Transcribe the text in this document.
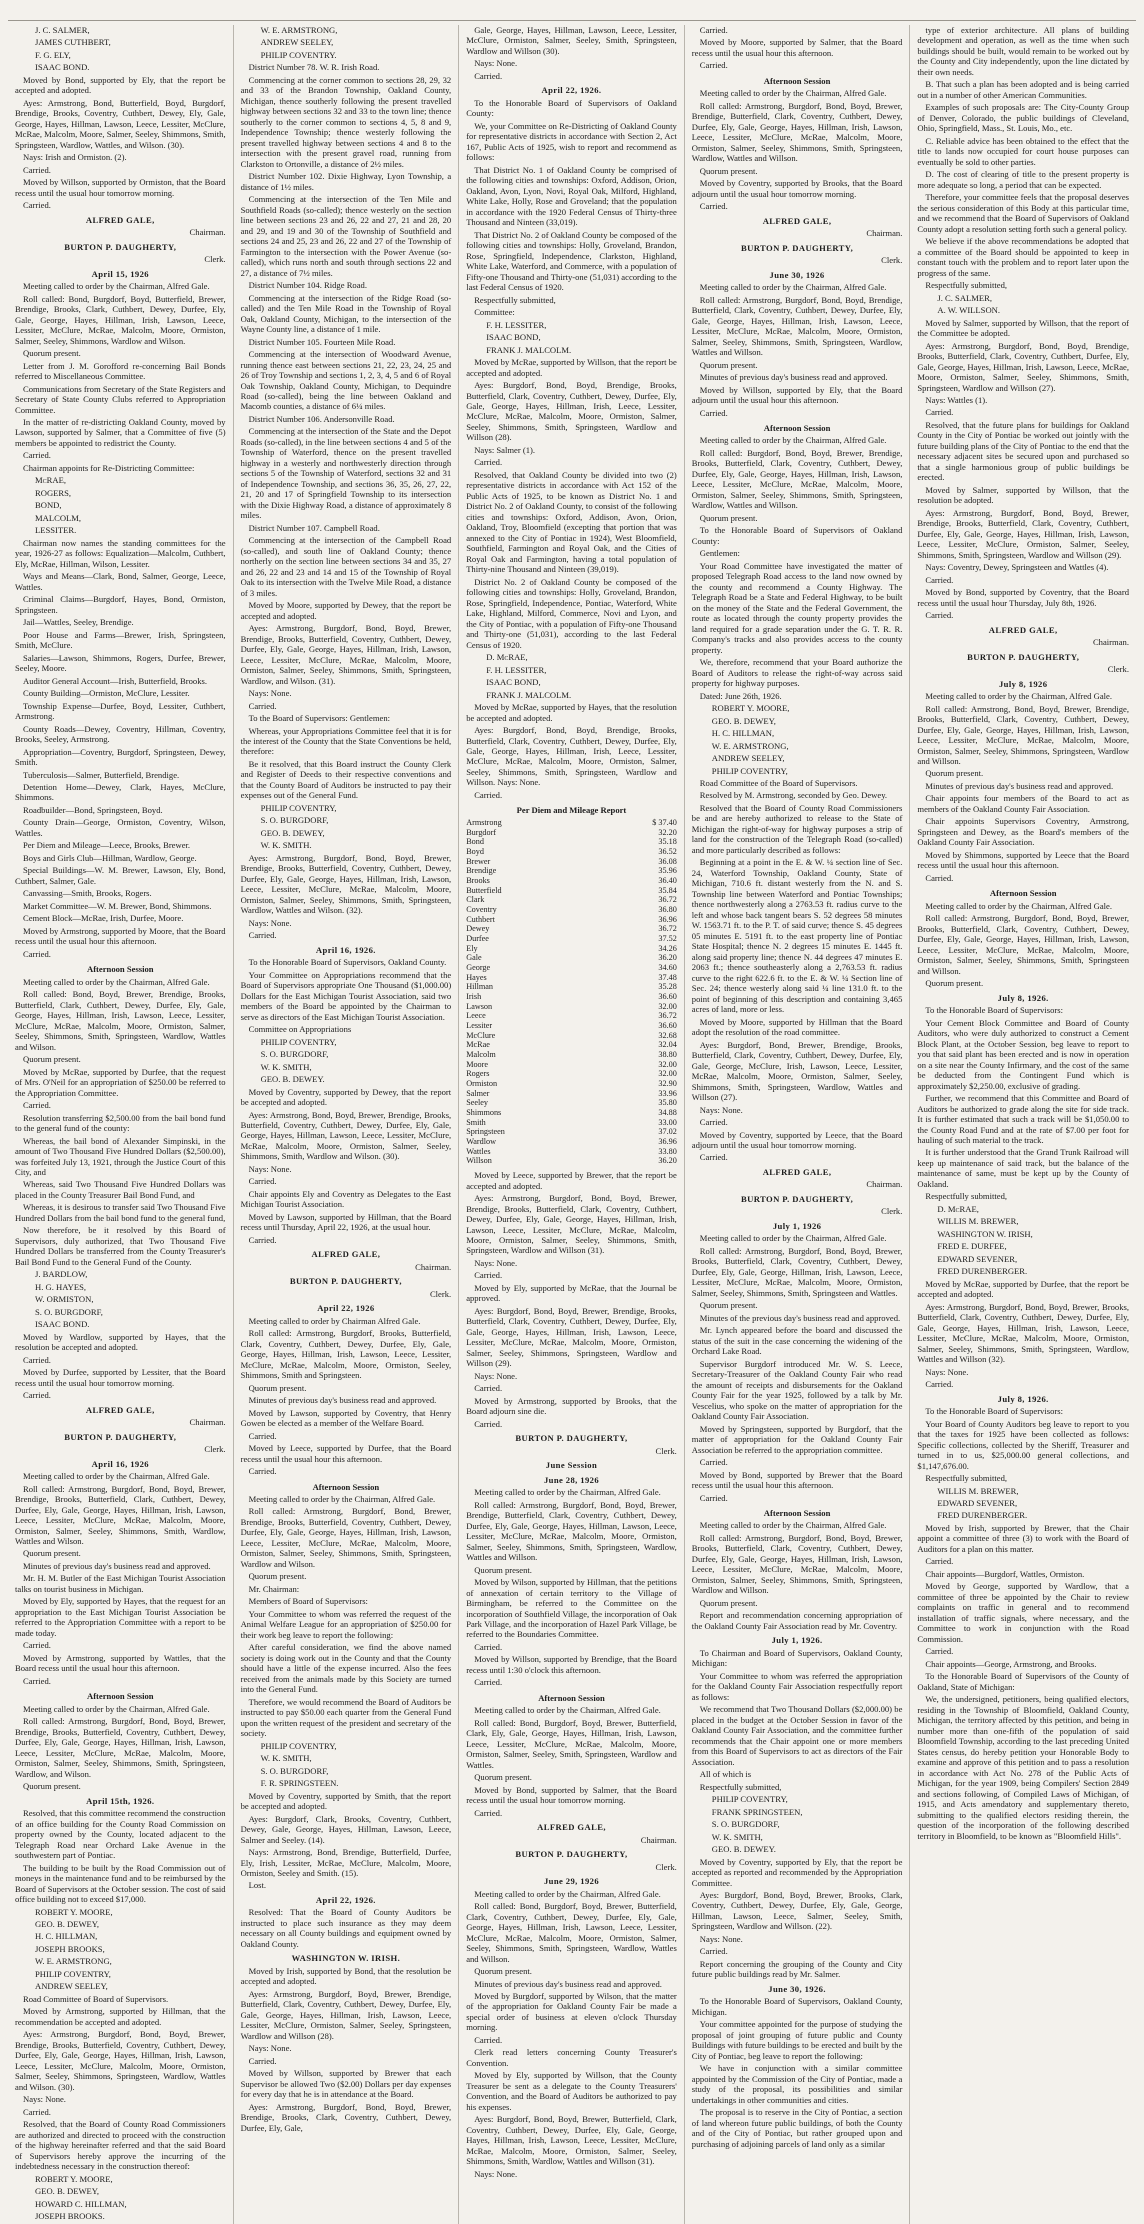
J. C. SALMER,

JAMES CUTHBERT,

F. G. ELY,

ISAAC BOND.

Moved by Bond, supported by Ely, that the report be accepted and adopted.

Ayes: Armstrong, Bond, Butterfield, Boyd, Burgdorf, Brendige, Brooks, Coventry, Cuthbert, Dewey, Ely, Gale, George, Hayes, Hillman, Lawson, Leece, Lessiter, McClure, McRae, Malcolm, Moore, Salmer, Seeley, Shimmons, Smith, Springsteen, Wardlow, Wattles, and Wilson. (30).

Nays: Irish and Ormiston. (2).

Carried.

Moved by Willson, supported by Ormiston, that the Board recess until the usual hour tomorrow morning.

Carried.

ALFRED GALE,

Chairman.

BURTON P. DAUGHERTY,

Clerk.

April 15, 1926

Meeting called to order by the Chairman, Alfred Gale.

Roll called: Bond, Burgdorf, Boyd, Butterfield, Brewer, Brendige, Brooks, Clark, Cuthbert, Dewey, Durfee, Ely, Gale, George, Hayes, Hillman, Irish, Lawson, Leece, Lessiter, McClure, McRae, Malcolm, Moore, Ormiston, Salmer, Seeley, Shimmons, Wardlow and Wilson.

Quorum present.

Letter from J. M. Gorofford re-concerning Bail Bonds referred to Miscellaneous Committee.

Communications from Secretary of the State Registers and Secretary of State County Clubs referred to Appropriation Committee.

In the matter of re-districting Oakland County, moved by Lawson, supported by Salmer, that a Committee of five (5) members be appointed to redistrict the County.

Carried.

Chairman appoints for Re-Districting Committee:

McRAE,

ROGERS,

BOND,

MALCOLM,

LESSITER.

Chairman now names the standing committees for the year, 1926-27 as follows: Equalization—Malcolm, Cuthbert, Ely, McRae, Hillman, Wilson, Lessiter.

Ways and Means—Clark, Bond, Salmer, George, Leece, Wattles.

Criminal Claims—Burgdorf, Hayes, Bond, Ormiston, Springsteen.

Jail—Wattles, Seeley, Brendige.

Poor House and Farms—Brewer, Irish, Springsteen, Smith, McClure.

Salaries—Lawson, Shimmons, Rogers, Durfee, Brewer, Seeley, Moore.

Auditor General Account—Irish, Butterfield, Brooks.

County Building—Ormiston, McClure, Lessiter.

Township Expense—Durfee, Boyd, Lessiter, Cuthbert, Armstrong.

County Roads—Dewey, Coventry, Hillman, Coventry, Brooks, Seeley, Armstrong.

Appropriation—Coventry, Burgdorf, Springsteen, Dewey, Smith.

Tuberculosis—Salmer, Butterfield, Brendige.

Detention Home—Dewey, Clark, Hayes, McClure, Shimmons.

Roadbuilder—Bond, Springsteen, Boyd.

County Drain—George, Ormiston, Coventry, Wilson, Wattles.

Per Diem and Mileage—Leece, Brooks, Brewer.

Boys and Girls Club—Hillman, Wardlow, George.

Special Buildings—W. M. Brewer, Lawson, Ely, Bond, Cuthbert, Salmer, Gale.

Canvassing—Smith, Brooks, Rogers.

Market Committee—W. M. Brewer, Bond, Shimmons.

Cement Block—McRae, Irish, Durfee, Moore.

Moved by Armstrong, supported by Moore, that the Board recess until the usual hour this afternoon.

Carried.

Afternoon Session

Meeting called to order by the Chairman, Alfred Gale.

Roll called: Bond, Boyd, Brewer, Brendige, Brooks, Butterfield, Clark, Cuthbert, Dewey, Durfee, Ely, Gale, George, Hayes, Hillman, Irish, Lawson, Leece, Lessiter, McClure, McRae, Malcolm, Moore, Ormiston, Salmer, Seeley, Shimmons, Smith, Springsteen, Wardlow, Wattles and Wilson.

Quorum present.

Moved by McRae, supported by Durfee, that the request of Mrs. O'Neil for an appropriation of $250.00 be referred to the Appropriation Committee.

Carried.

Resolution transferring $2,500.00 from the bail bond fund to the general fund of the county:

Whereas, the bail bond of Alexander Simpinski, in the amount of Two Thousand Five Hundred Dollars ($2,500.00), was forfeited July 13, 1921, through the Justice Court of this City, and

Whereas, said Two Thousand Five Hundred Dollars was placed in the County Treasurer Bail Bond Fund, and

Whereas, it is desirous to transfer said Two Thousand Five Hundred Dollars from the bail bond fund to the general fund,

Now therefore, be it resolved by this Board of Supervisors, duly authorized, that Two Thousand Five Hundred Dollars be transferred from the County Treasurer's Bail Bond Fund to the General Fund of the County.

J. BARDLOW,

H. G. HAYES,

W. ORMISTON,

S. O. BURGDORF,

ISAAC BOND.

Moved by Wardlow, supported by Hayes, that the resolution be accepted and adopted.

Carried.

Moved by Durfee, supported by Lessiter, that the Board recess until the usual hour tomorrow morning.

Carried.

ALFRED GALE,

Chairman.

BURTON P. DAUGHERTY,

Clerk.

April 16, 1926

Meeting called to order by the Chairman, Alfred Gale.

Roll called: Armstrong, Burgdorf, Bond, Boyd, Brewer, Brendige, Brooks, Butterfield, Clark, Cuthbert, Dewey, Durfee, Ely, Gale, George, Hayes, Hillman, Irish, Lawson, Leece, Lessiter, McClure, McRae, Malcolm, Moore, Ormiston, Salmer, Seeley, Shimmons, Smith, Wardlow, Wattles and Wilson.

Quorum present.

Minutes of previous day's business read and approved.

Mr. H. M. Butler of the East Michigan Tourist Association talks on tourist business in Michigan.

Moved by Ely, supported by Hayes, that the request for an appropriation to the East Michigan Tourist Association be referred to the Appropriation Committee with a report to be made today.

Carried.

Moved by Armstrong, supported by Wattles, that the Board recess until the usual hour this afternoon.

Carried.

Afternoon Session

Meeting called to order by the Chairman, Alfred Gale.

Roll called: Armstrong, Burgdorf, Bond, Boyd, Brewer, Brendige, Brooks, Butterfield, Coventry, Cuthbert, Dewey, Durfee, Ely, Gale, George, Hayes, Hillman, Irish, Lawson, Leece, Lessiter, McClure, McRae, Malcolm, Moore, Ormiston, Salmer, Seeley, Shimmons, Smith, Springsteen, Wardlow, and Wilson.

Quorum present.

April 15th, 1926.

Resolved, that this committee recommend the construction of an office building for the County Road Commission on property owned by the County, located adjacent to the Telegraph Road near Orchard Lake Avenue in the southwestern part of Pontiac.

The building to be built by the Road Commission out of moneys in the maintenance fund and to be reimbursed by the Board of Supervisors at the October session. The cost of said office building not to exceed $17,000.

ROBERT Y. MOORE,

GEO. B. DEWEY,

H. C. HILLMAN,

JOSEPH BROOKS,

W. E. ARMSTRONG,

PHILIP COVENTRY,

ANDREW SEELEY,

Road Committee of Board of Supervisors.

Moved by Armstrong, supported by Hillman, that the recommendation be accepted and adopted.

Ayes: Armstrong, Burgdorf, Bond, Boyd, Brewer, Brendige, Brooks, Butterfield, Coventry, Cuthbert, Dewey, Durfee, Ely, Gale, George, Hayes, Hillman, Irish, Lawson, Leece, Lessiter, McClure, Malcolm, Moore, Ormiston, Salmer, Seeley, Shimmons, Springsteen, Wardlow, Wattles and Wilson. (30).

Nays: None.

Carried.

Resolved, that the Board of County Road Commissioners are authorized and directed to proceed with the construction of the highway hereinafter referred and that the said Board of Supervisors hereby approve the incurring of the indebtedness necessary in the construction thereof:

ROBERT Y. MOORE,

GEO. B. DEWEY,

HOWARD C. HILLMAN,

JOSEPH BROOKS.

W. E. ARMSTRONG,

ANDREW SEELEY,

PHILIP COVENTRY.

District Number 78. W. R. Irish Road.

Commencing at the corner common to sections 28, 29, 32 and 33 of the Brandon Township, Oakland County, Michigan, thence southerly following the present travelled highway between sections 32 and 33 to the town line; thence southerly to the corner common to sections 4, 5, 8 and 9, Independence Township; thence westerly following the present travelled highway between sections 4 and 8 to the intersection with the present gravel road, running from Clarkston to Ortonville, a distance of 2½ miles.

District Number 102. Dixie Highway, Lyon Township, a distance of 1½ miles.

Commencing at the intersection of the Ten Mile and Southfield Roads (so-called); thence westerly on the section line between sections 23 and 26, 22 and 27, 21 and 28, 20 and 29, and 19 and 30 of the Township of Southfield and sections 24 and 25, 23 and 26, 22 and 27 of the Township of Farmington to the intersection with the Power Avenue (so-called), which runs north and south through sections 22 and 27, a distance of 7½ miles.

District Number 104. Ridge Road.

Commencing at the intersection of the Ridge Road (so-called) and the Ten Mile Road in the Township of Royal Oak, Oakland County, Michigan, to the intersection of the Wayne County line, a distance of 1 mile.

District Number 105. Fourteen Mile Road.

Commencing at the intersection of Woodward Avenue, running thence east between sections 21, 22, 23, 24, 25 and 26 of Troy Township and sections 1, 2, 3, 4, 5 and 6 of Royal Oak Township, Oakland County, Michigan, to Dequindre Road (so-called), being the line between Oakland and Macomb counties, a distance of 6¼ miles.

District Number 106. Andersonville Road.

Commencing at the intersection of the State and the Depot Roads (so-called), in the line between sections 4 and 5 of the Township of Waterford, thence on the present travelled highway in a westerly and northwesterly direction through sections 5 of the Township of Waterford, sections 32 and 31 of Independence Township, and sections 36, 35, 26, 27, 22, 21, 20 and 17 of Springfield Township to its intersection with the Dixie Highway Road, a distance of approximately 8 miles.

District Number 107. Campbell Road.

Commencing at the intersection of the Campbell Road (so-called), and south line of Oakland County; thence northerly on the section line between sections 34 and 35, 27 and 26, 22 and 23 and 14 and 15 of the Township of Royal Oak to its intersection with the Twelve Mile Road, a distance of 3 miles.

Moved by Moore, supported by Dewey, that the report be accepted and adopted.

Ayes: Armstrong, Burgdorf, Bond, Boyd, Brewer, Brendige, Brooks, Butterfield, Coventry, Cuthbert, Dewey, Durfee, Ely, Gale, George, Hayes, Hillman, Irish, Lawson, Leece, Lessiter, McClure, McRae, Malcolm, Moore, Ormiston, Salmer, Seeley, Shimmons, Smith, Springsteen, Wardlow, and Wilson. (31).

Nays: None.

Carried.

To the Board of Supervisors: Gentlemen:

Whereas, your Appropriations Committee feel that it is for the interest of the County that the State Conventions be held, therefore:

Be it resolved, that this Board instruct the County Clerk and Register of Deeds to their respective conventions and that the County Board of Auditors be instructed to pay their expenses out of the General Fund.

PHILIP COVENTRY,

S. O. BURGDORF,

GEO. B. DEWEY,

W. K. SMITH.

Ayes: Armstrong, Burgdorf, Bond, Boyd, Brewer, Brendige, Brooks, Butterfield, Coventry, Cuthbert, Dewey, Durfee, Ely, Gale, George, Hayes, Hillman, Irish, Lawson, Leece, Lessiter, McClure, McRae, Malcolm, Moore, Ormiston, Salmer, Seeley, Shimmons, Smith, Springsteen, Wardlow, Wattles and Wilson. (32).

Nays: None.

Carried.

April 16, 1926.

To the Honorable Board of Supervisors, Oakland County.

Your Committee on Appropriations recommend that the Board of Supervisors appropriate One Thousand ($1,000.00) Dollars for the East Michigan Tourist Association, said two members of the Board be appointed by the Chairman to serve as directors of the East Michigan Tourist Association.

Committee on Appropriations

PHILIP COVENTRY,

S. O. BURGDORF,

W. K. SMITH,

GEO. B. DEWEY.

Moved by Coventry, supported by Dewey, that the report be accepted and adopted.

Ayes: Armstrong, Bond, Boyd, Brewer, Brendige, Brooks, Butterfield, Coventry, Cuthbert, Dewey, Durfee, Ely, Gale, George, Hayes, Hillman, Lawson, Leece, Lessiter, McClure, McRae, Malcolm, Moore, Ormiston, Salmer, Seeley, Shimmons, Smith, Wardlow and Wilson. (30).

Nays: None.

Carried.

Chair appoints Ely and Coventry as Delegates to the East Michigan Tourist Association.

Moved by Lawson, supported by Hillman, that the Board recess until Thursday, April 22, 1926, at the usual hour.

Carried.

ALFRED GALE,

Chairman.

BURTON P. DAUGHERTY,

Clerk.

April 22, 1926

Meeting called to order by Chairman Alfred Gale.

Roll called: Armstrong, Burgdorf, Brooks, Butterfield, Clark, Coventry, Cuthbert, Dewey, Durfee, Ely, Gale, George, Hayes, Hillman, Irish, Lawson, Leece, Lessiter, McClure, McRae, Malcolm, Moore, Ormiston, Seeley, Shimmons, Smith and Springsteen.

Quorum present.

Minutes of previous day's business read and approved.

Moved by Lawson, supported by Coventry, that Henry Gowen be elected as a member of the Welfare Board.

Carried.

Moved by Leece, supported by Durfee, that the Board recess until the usual hour this afternoon.

Carried.

Afternoon Session

Meeting called to order by the Chairman, Alfred Gale.

Roll called: Armstrong, Burgdorf, Bond, Brewer, Brendige, Brooks, Butterfield, Coventry, Cuthbert, Dewey, Durfee, Ely, Gale, George, Hayes, Hillman, Irish, Lawson, Leece, Lessiter, McClure, McRae, Malcolm, Moore, Ormiston, Salmer, Seeley, Shimmons, Smith, Springsteen, Wardlow and Wilson.

Quorum present.

Mr. Chairman:

Members of Board of Supervisors:

Your Committee to whom was referred the request of the Animal Welfare League for an appropriation of $250.00 for their work beg leave to report the following:

After careful consideration, we find the above named society is doing work out in the County and that the County should have a little of the expense incurred. Also the fees received from the animals made by this Society are turned into the General Fund.

Therefore, we would recommend the Board of Auditors be instructed to pay $50.00 each quarter from the General Fund upon the written request of the president and secretary of the society.

PHILIP COVENTRY,

W. K. SMITH,

S. O. BURGDORF,

F. R. SPRINGSTEEN.

Moved by Coventry, supported by Smith, that the report be accepted and adopted.

Ayes: Burgdorf, Clark, Brooks, Coventry, Cuthbert, Dewey, Gale, George, Hayes, Hillman, Lawson, Leece, Salmer and Seeley. (14).

Nays: Armstrong, Bond, Brendige, Butterfield, Durfee, Ely, Irish, Lessiter, McRae, McClure, Malcolm, Moore, Ormiston, Seeley and Smith. (15).

Lost.

April 22, 1926.

Resolved: That the Board of County Auditors be instructed to place such insurance as they may deem necessary on all County buildings and equipment owned by Oakland County.

WASHINGTON W. IRISH.

Moved by Irish, supported by Bond, that the resolution be accepted and adopted.

Ayes: Armstrong, Burgdorf, Boyd, Brewer, Brendige, Butterfield, Clark, Coventry, Cuthbert, Dewey, Durfee, Ely, Gale, George, Hayes, Hillman, Irish, Lawson, Leece, Lessiter, McClure, Ormiston, Salmer, Seeley, Springsteen, Wardlow and Willson (28).

Nays: None.

Carried.

Moved by Willson, supported by Brewer that each Supervisor be allowed Two ($2.00) Dollars per day expenses for every day that he is in attendance at the Board.

Ayes: Armstrong, Burgdorf, Bond, Boyd, Brewer, Brendige, Brooks, Clark, Coventry, Cuthbert, Dewey, Durfee, Ely, Gale,

Gale, George, Hayes, Hillman, Lawson, Leece, Lessiter, McClure, Ormiston, Salmer, Seeley, Smith, Springsteen, Wardlow and Willson (30).

Nays: None.

Carried.

April 22, 1926.

To the Honorable Board of Supervisors of Oakland County:

We, your Committee on Re-Districting of Oakland County for representative districts in accordance with Section 2, Act 167, Public Acts of 1925, wish to report and recommend as follows:

That District No. 1 of Oakland County be comprised of the following cities and townships: Oxford, Addison, Orion, Oakland, Avon, Lyon, Novi, Royal Oak, Milford, Highland, White Lake, Holly, Rose and Groveland; that the population in accordance with the 1920 Federal Census of Thirty-three Thousand and Ninteen (33,019).

That District No. 2 of Oakland County be composed of the following cities and townships: Holly, Groveland, Brandon, Rose, Springfield, Independence, Clarkston, Highland, White Lake, Waterford, and Commerce, with a population of Fifty-one Thousand and Thirty-one (51,031) according to the last Federal Census of 1920.

Respectfully submitted,

Committee:

F. H. LESSITER,

ISAAC BOND,

FRANK J. MALCOLM.

Moved by McRae, supported by Willson, that the report be accepted and adopted.

Ayes: Burgdorf, Bond, Boyd, Brendige, Brooks, Butterfield, Clark, Coventry, Cuthbert, Dewey, Durfee, Ely, Gale, George, Hayes, Hillman, Irish, Leece, Lessiter, McClure, McRae, Malcolm, Moore, Ormiston, Salmer, Seeley, Shimmons, Smith, Springsteen, Wardlow and Willson (28).

Nays: Salmer (1).

Carried.

Resolved, that Oakland County be divided into two (2) representative districts in accordance with Act 152 of the Public Acts of 1925, to be known as District No. 1 and District No. 2 of Oakland County, to consist of the following cities and townships: Oxford, Addison, Avon, Orion, Oakland, Troy, Bloomfield (excepting that portion that was annexed to the City of Pontiac in 1924), West Bloomfield, Southfield, Farmington and Royal Oak, and the Cities of Royal Oak and Farmington, having a total population of Thirty-nine Thousand and Ninteen (39,019).

District No. 2 of Oakland County be composed of the following cities and townships: Holly, Groveland, Brandon, Rose, Springfield, Independence, Pontiac, Waterford, White Lake, Highland, Milford, Commerce, Novi and Lyon, and the City of Pontiac, with a population of Fifty-one Thousand and Thirty-one (51,031), according to the last Federal Census of 1920.

D. McRAE,

F. H. LESSITER,

ISAAC BOND,

FRANK J. MALCOLM.

Moved by McRae, supported by Hayes, that the resolution be accepted and adopted.

Ayes: Burgdorf, Bond, Boyd, Brendige, Brooks, Butterfield, Clark, Coventry, Cuthbert, Dewey, Durfee, Ely, Gale, George, Hayes, Hillman, Irish, Leece, Lessiter, McClure, McRae, Malcolm, Moore, Ormiston, Salmer, Seeley, Shimmons, Smith, Springsteen, Wardlow and Willson. Nays: None.

Carried.

Per Diem and Mileage Report

Armstrong	$ 37.40
Burgdorf	32.20
Bond	35.18
Boyd	36.52
Brewer	36.08
Brendige	35.96
Brooks	36.40
Butterfield	35.84
Clark	36.72
Coventry	36.80
Cuthbert	36.96
Dewey	36.72
Durfee	37.52
Ely	34.26
Gale	36.20
George	34.60
Hayes	37.48
Hillman	35.28
Irish	36.60
Lawson	32.00
Leece	36.72
Lessiter	36.60
McClure	32.68
McRae	32.04
Malcolm	38.80
Moore	32.00
Rogers	32.00
Ormiston	32.90
Salmer	33.96
Seeley	35.80
Shimmons	34.88
Smith	33.00
Springsteen	37.02
Wardlow	36.96
Wattles	33.80
Willson	36.20

Moved by Leece, supported by Brewer, that the report be accepted and adopted.

Ayes: Armstrong, Burgdorf, Bond, Boyd, Brewer, Brendige, Brooks, Butterfield, Clark, Coventry, Cuthbert, Dewey, Durfee, Ely, Gale, George, Hayes, Hillman, Irish, Lawson, Leece, Lessiter, McClure, McRae, Malcolm, Moore, Ormiston, Salmer, Seeley, Shimmons, Smith, Springsteen, Wardlow and Willson (31).

Nays: None.

Carried.

Moved by Ely, supported by McRae, that the Journal be approved.

Ayes: Burgdorf, Bond, Boyd, Brewer, Brendige, Brooks, Butterfield, Clark, Coventry, Cuthbert, Dewey, Durfee, Ely, Gale, George, Hayes, Hillman, Irish, Lawson, Leece, Lessiter, McClure, McRae, Malcolm, Moore, Ormiston, Salmer, Seeley, Shimmons, Springsteen, Wardlow and Willson (29).

Nays: None.

Carried.

Moved by Armstrong, supported by Brooks, that the Board adjourn sine die.

Carried.

BURTON P. DAUGHERTY,

Clerk.

June Session

June 28, 1926

Meeting called to order by the Chairman, Alfred Gale.

Roll called: Armstrong, Burgdorf, Bond, Boyd, Brewer, Brendige, Butterfield, Clark, Coventry, Cuthbert, Dewey, Durfee, Ely, Gale, George, Hayes, Hillman, Lawson, Leece, Lessiter, McClure, McRae, Malcolm, Moore, Ormiston, Salmer, Seeley, Shimmons, Smith, Springsteen, Wardlow, Wattles and Willson.

Quorum present.

Moved by Wilson, supported by Hillman, that the petitions of annexation of certain territory to the Village of Birmingham, be referred to the Committee on the incorporation of Southfield Village, the incorporation of Oak Park Village, and the incorporation of Hazel Park Village, be referred to the Boundaries Committee.

Carried.

Moved by Willson, supported by Brendige, that the Board recess until 1:30 o'clock this afternoon.

Carried.

Afternoon Session

Meeting called to order by the Chairman, Alfred Gale.

Roll called: Bond, Burgdorf, Boyd, Brewer, Butterfield, Clark, Ely, Gale, George, Hayes, Hillman, Irish, Lawson, Leece, Lessiter, McClure, McRae, Malcolm, Moore, Ormiston, Salmer, Seeley, Smith, Springsteen, Wardlow and Wattles.

Quorum present.

Moved by Bond, supported by Salmer, that the Board recess until the usual hour tomorrow morning.

Carried.

ALFRED GALE,

Chairman.

BURTON P. DAUGHERTY,

Clerk.

June 29, 1926

Meeting called to order by the Chairman, Alfred Gale.

Roll called: Bond, Burgdorf, Boyd, Brewer, Butterfield, Clark, Coventry, Cuthbert, Dewey, Durfee, Ely, Gale, George, Hayes, Hillman, Irish, Lawson, Leece, Lessiter, McClure, McRae, Malcolm, Moore, Ormiston, Salmer, Seeley, Shimmons, Smith, Springsteen, Wardlow, Wattles and Willson.

Quorum present.

Minutes of previous day's business read and approved.

Moved by Burgdorf, supported by Wilson, that the matter of the appropriation for Oakland County Fair be made a special order of business at eleven o'clock Thursday morning.

Carried.

Clerk read letters concerning County Treasurer's Convention.

Moved by Ely, supported by Willson, that the County Treasurer be sent as a delegate to the County Treasurers' Convention, and the Board of Auditors be authorized to pay his expenses.

Ayes: Burgdorf, Bond, Boyd, Brewer, Butterfield, Clark, Coventry, Cuthbert, Dewey, Durfee, Ely, Gale, George, Hayes, Hillman, Irish, Lawson, Leece, Lessiter, McClure, McRae, Malcolm, Moore, Ormiston, Salmer, Seeley, Shimmons, Smith, Wardlow, Wattles and Willson (31).

Nays: None.

Carried.

Moved by Moore, supported by Salmer, that the Board recess until the usual hour this afternoon.

Carried.

Afternoon Session

Meeting called to order by the Chairman, Alfred Gale.

Roll called: Armstrong, Burgdorf, Bond, Boyd, Brewer, Brendige, Butterfield, Clark, Coventry, Cuthbert, Dewey, Durfee, Ely, Gale, George, Hayes, Hillman, Irish, Lawson, Leece, Lessiter, McClure, McRae, Malcolm, Moore, Ormiston, Salmer, Seeley, Shimmons, Smith, Springsteen, Wardlow, Wattles and Willson.

Quorum present.

Moved by Coventry, supported by Brooks, that the Board adjourn until the usual hour tomorrow morning.

Carried.

ALFRED GALE,

Chairman.

BURTON P. DAUGHERTY,

Clerk.

June 30, 1926

Meeting called to order by the Chairman, Alfred Gale.

Roll called: Armstrong, Burgdorf, Bond, Boyd, Brendige, Butterfield, Clark, Coventry, Cuthbert, Dewey, Durfee, Ely, Gale, George, Hayes, Hillman, Irish, Lawson, Leece, Lessiter, McClure, McRae, Malcolm, Moore, Ormiston, Salmer, Seeley, Shimmons, Smith, Springsteen, Wardlow, Wattles and Willson.

Quorum present.

Minutes of previous day's business read and approved.

Moved by Willson, supported by Ely, that the Board adjourn until the usual hour this afternoon.

Carried.

Afternoon Session

Meeting called to order by the Chairman, Alfred Gale.

Roll called: Burgdorf, Bond, Boyd, Brewer, Brendige, Brooks, Butterfield, Clark, Coventry, Cuthbert, Dewey, Durfee, Ely, Gale, George, Hayes, Hillman, Irish, Lawson, Leece, Lessiter, McClure, McRae, Malcolm, Moore, Ormiston, Salmer, Seeley, Shimmons, Smith, Springsteen, Wardlow, Wattles and Willson.

Quorum present.

To the Honorable Board of Supervisors of Oakland County:

Gentlemen:

Your Road Committee have investigated the matter of proposed Telegraph Road access to the land now owned by the county and recommend a County Highway. The Telegraph Road be a State and Federal Highway, to be built on the money of the State and the Federal Government, the route as located through the county property provides the land required for a grade separation under the G. T. R. R. Company's tracks and also provides access to the county property.

We, therefore, recommend that your Board authorize the Board of Auditors to release the right-of-way across said property for highway purposes.

Dated: June 26th, 1926.

ROBERT Y. MOORE,

GEO. B. DEWEY,

H. C. HILLMAN,

W. E. ARMSTRONG,

ANDREW SEELEY,

PHILIP COVENTRY,

Road Committee of the Board of Supervisors.

Resolved by M. Armstrong, seconded by Geo. Dewey.

Resolved that the Board of County Road Commissioners be and are hereby authorized to release to the State of Michigan the right-of-way for highway purposes a strip of land for the construction of the Telegraph Road (so-called) and more particularly described as follows:

Beginning at a point in the E. & W. ¼ section line of Sec. 24, Waterford Township, Oakland County, State of Michigan, 710.6 ft. distant westerly from the N. and S. Township line between Waterford and Pontiac Townships; thence northwesterly along a 2763.53 ft. radius curve to the left and whose back tangent bears S. 52 degrees 58 minutes W. 1563.71 ft. to the P. T. of said curve; thence S. 45 degrees 05 minutes E. 5191 ft. to the east property line of Pontiac State Hospital; thence N. 2 degrees 15 minutes E. 1445 ft. along said property line; thence N. 44 degrees 47 minutes E. 2063 ft.; thence southeasterly along a 2,763.53 ft. radius curve to the right 622.6 ft. to the E. & W. ¼ Section line of Sec. 24; thence westerly along said ¼ line 131.0 ft. to the point of beginning of this description and containing 3,465 acres of land, more or less.

Moved by Moore, supported by Hillman that the Board adopt the resolution of the road committee.

Ayes: Burgdorf, Bond, Brewer, Brendige, Brooks, Butterfield, Clark, Coventry, Cuthbert, Dewey, Durfee, Ely, Gale, George, McClure, Irish, Lawson, Leece, Lessiter, McRae, Malcolm, Moore, Ormiston, Salmer, Seeley, Shimmons, Smith, Springsteen, Wardlow, Wattles and Willson (27).

Nays: None.

Carried.

Moved by Coventry, supported by Leece, that the Board adjourn until the usual hour tomorrow morning.

Carried.

ALFRED GALE,

Chairman.

BURTON P. DAUGHERTY,

Clerk.

July 1, 1926

Meeting called to order by the Chairman, Alfred Gale.

Roll called: Armstrong, Burgdorf, Bond, Boyd, Brewer, Brooks, Butterfield, Clark, Coventry, Cuthbert, Dewey, Durfee, Ely, Gale, George, Hillman, Irish, Lawson, Leece, Lessiter, McClure, McRae, Malcolm, Moore, Ormiston, Salmer, Seeley, Shimmons, Smith, Springsteen and Wattles.

Quorum present.

Minutes of the previous day's business read and approved.

Mr. Lynch appeared before the board and discussed the status of the suit in the case concerning the widening of the Orchard Lake Road.

Supervisor Burgdorf introduced Mr. W. S. Leece, Secretary-Treasurer of the Oakland County Fair who read the amount of receipts and disbursements for the Oakland County Fair for the year 1925, followed by a talk by Mr. Vescelius, who spoke on the matter of appropriation for the Oakland County Fair Association.

Moved by Springsteen, supported by Burgdorf, that the matter of appropriation for the Oakland County Fair Association be referred to the appropriation committee.

Carried.

Moved by Bond, supported by Brewer that the Board recess until the usual hour this afternoon.

Carried.

Afternoon Session

Meeting called to order by the Chairman, Alfred Gale.

Roll called: Armstrong, Burgdorf, Bond, Boyd, Brewer, Brooks, Butterfield, Clark, Coventry, Cuthbert, Dewey, Durfee, Ely, Gale, George, Hayes, Hillman, Irish, Lawson, Leece, Lessiter, McClure, McRae, Malcolm, Moore, Ormiston, Salmer, Seeley, Shimmons, Smith, Springsteen, Wardlow and Willson.

Quorum present.

Report and recommendation concerning appropriation of the Oakland County Fair Association read by Mr. Coventry.

July 1, 1926.

To Chairman and Board of Supervisors, Oakland County, Michigan:

Your Committee to whom was referred the appropriation for the Oakland County Fair Association respectfully report as follows:

We recommend that Two Thousand Dollars ($2,000.00) be placed in the budget at the October Session in favor of the Oakland County Fair Association, and the committee further recommends that the Chair appoint one or more members from this Board of Supervisors to act as directors of the Fair Association.

All of which is

Respectfully submitted,

PHILIP COVENTRY,

FRANK SPRINGSTEEN,

S. O. BURGDORF,

W. K. SMITH,

GEO. B. DEWEY.

Moved by Coventry, supported by Ely, that the report be accepted as reported and recommended by the Appropriation Committee.

Ayes: Burgdorf, Bond, Boyd, Brewer, Brooks, Clark, Coventry, Cuthbert, Dewey, Durfee, Ely, Gale, George, Hillman, Lawson, Leece, Salmer, Seeley, Smith, Springsteen, Wardlow and Willson. (22).

Nays: None.

Carried.

Report concerning the grouping of the County and City future public buildings read by Mr. Salmer.

June 30, 1926.

To the Honorable Board of Supervisors, Oakland County, Michigan.

Your committee appointed for the purpose of studying the proposal of joint grouping of future public and County Buildings with future buildings to be erected and built by the City of Pontiac, beg leave to report the following:

We have in conjunction with a similar committee appointed by the Commission of the City of Pontiac, made a study of the proposal, its possibilities and similar undertakings in other communities and cities.

The proposal is to reserve in the City of Pontiac, a section of land whereon future public buildings, of both the County and of the City of Pontiac, but rather grouped upon and purchasing of adjoining parcels of land only as a similar

type of exterior architecture. All plans of building development and operation, as well as the time when such buildings should be built, would remain to be worked out by the County and City independently, upon the line dictated by their own needs.

B. That such a plan has been adopted and is being carried out in a number of other American Communities.

Examples of such proposals are: The City-County Group of Denver, Colorado, the public buildings of Cleveland, Ohio, Springfield, Mass., St. Louis, Mo., etc.

C. Reliable advice has been obtained to the effect that the title to lands now occupied for court house purposes can eventually be sold to other parties.

D. The cost of clearing of title to the present property is more adequate so long, a period that can be expected.

Therefore, your committee feels that the proposal deserves the serious consideration of this Body at this particular time, and we recommend that the Board of Supervisors of Oakland County adopt a resolution setting forth such a general policy.

We believe if the above recommendations be adopted that a committee of the Board should be appointed to keep in constant touch with the problem and to report later upon the progress of the same.

Respectfully submitted,

J. C. SALMER,

A. W. WILLSON.

Moved by Salmer, supported by Willson, that the report of the Committee be adopted.

Ayes: Armstrong, Burgdorf, Bond, Boyd, Brendige, Brooks, Butterfield, Clark, Coventry, Cuthbert, Durfee, Ely, Gale, George, Hayes, Hillman, Irish, Lawson, Leece, McRae, Moore, Ormiston, Salmer, Seeley, Shimmons, Smith, Springsteen, Wardlow and Willson (27).

Nays: Wattles (1).

Carried.

Resolved, that the future plans for buildings for Oakland County in the City of Pontiac be worked out jointly with the future building plans of the City of Pontiac to the end that the necessary adjacent sites be secured upon and purchased so that a single harmonious group of public buildings be erected.

Moved by Salmer, supported by Willson, that the resolution be adopted.

Ayes: Armstrong, Burgdorf, Bond, Boyd, Brewer, Brendige, Brooks, Butterfield, Clark, Coventry, Cuthbert, Durfee, Ely, Gale, George, Hayes, Hillman, Irish, Lawson, Leece, Lessiter, McClure, Ormiston, Salmer, Seeley, Shimmons, Smith, Springsteen, Wardlow and Willson (29).

Nays: Coventry, Dewey, Springsteen and Wattles (4).

Carried.

Moved by Bond, supported by Coventry, that the Board recess until the usual hour Thursday, July 8th, 1926.

Carried.

ALFRED GALE,

Chairman.

BURTON P. DAUGHERTY,

Clerk.

July 8, 1926

Meeting called to order by the Chairman, Alfred Gale.

Roll called: Armstrong, Bond, Boyd, Brewer, Brendige, Brooks, Butterfield, Clark, Coventry, Cuthbert, Dewey, Durfee, Ely, Gale, George, Hayes, Hillman, Irish, Lawson, Leece, Lessiter, McClure, McRae, Malcolm, Moore, Ormiston, Salmer, Seeley, Shimmons, Springsteen, Wardlow and Willson.

Quorum present.

Minutes of previous day's business read and approved.

Chair appoints four members of the Board to act as members of the Oakland County Fair Association.

Chair appoints Supervisors Coventry, Armstrong, Springsteen and Dewey, as the Board's members of the Oakland County Fair Association.

Moved by Shimmons, supported by Leece that the Board recess until the usual hour this afternoon.

Carried.

Afternoon Session

Meeting called to order by the Chairman, Alfred Gale.

Roll called: Armstrong, Burgdorf, Bond, Boyd, Brewer, Brooks, Butterfield, Clark, Coventry, Cuthbert, Dewey, Durfee, Ely, Gale, George, Hayes, Hillman, Irish, Lawson, Leece, Lessiter, McClure, McRae, Malcolm, Moore, Ormiston, Salmer, Seeley, Shimmons, Smith, Springsteen and Willson.

Quorum present.

July 8, 1926.

To the Honorable Board of Supervisors:

Your Cement Block Committee and Board of County Auditors, who were duly authorized to construct a Cement Block Plant, at the October Session, beg leave to report to you that said plant has been erected and is now in operation on a site near the County Infirmary, and the cost of the same be deducted from the Contingent Fund which is approximately $2,250.00, exclusive of grading.

Further, we recommend that this Committee and Board of Auditors be authorized to grade along the site for side track. It is further estimated that such a track will be $1,050.00 to the County Road Fund and at the rate of $7.00 per foot for hauling of such material to the track.

It is further understood that the Grand Trunk Railroad will keep up maintenance of said track, but the balance of the maintenance of same, must be kept up by the County of Oakland.

Respectfully submitted,

D. McRAE,

WILLIS M. BREWER,

WASHINGTON W. IRISH,

FRED E. DURFEE,

EDWARD SEVENER,

FRED DURENBERGER.

Moved by McRae, supported by Durfee, that the report be accepted and adopted.

Ayes: Armstrong, Burgdorf, Bond, Boyd, Brewer, Brooks, Butterfield, Clark, Coventry, Cuthbert, Dewey, Durfee, Ely, Gale, George, Hayes, Hillman, Irish, Lawson, Leece, Lessiter, McClure, McRae, Malcolm, Moore, Ormiston, Salmer, Seeley, Shimmons, Smith, Springsteen, Wardlow, Wattles and Willson (32).

Nays: None.

Carried.

July 8, 1926.

To the Honorable Board of Supervisors:

Your Board of County Auditors beg leave to report to you that the taxes for 1925 have been collected as follows: Specific collections, collected by the Sheriff, Treasurer and turned in to us, $25,000.00 general collections, and $1,147,676.00.

Respectfully submitted,

WILLIS M. BREWER,

EDWARD SEVENER,

FRED DURENBERGER.

Moved by Irish, supported by Brewer, that the Chair appoint a committee of three (3) to work with the Board of Auditors for a plan on this matter.

Carried.

Chair appoints—Burgdorf, Wattles, Ormiston.

Moved by George, supported by Wardlow, that a committee of three be appointed by the Chair to review complaints on traffic in general and to recommend installation of traffic signals, where necessary, and the Committee to work in conjunction with the Road Commission.

Carried.

Chair appoints—George, Armstrong, and Brooks.

To the Honorable Board of Supervisors of the County of Oakland, State of Michigan:

We, the undersigned, petitioners, being qualified electors, residing in the Township of Bloomfield, Oakland County, Michigan, the territory affected by this petition, and being in number more than one-fifth of the population of said Bloomfield Township, according to the last preceding United States census, do hereby petition your Honorable Body to examine and approve of this petition and to pass a resolution in accordance with Act No. 278 of the Public Acts of Michigan, for the year 1909, being Compilers' Section 2849 and sections following, of Compiled Laws of Michigan, of 1915, and Acts amendatory and supplementary thereto, submitting to the qualified electors residing therein, the question of the incorporation of the following described territory in Bloomfield, to be known as "Bloomfield Hills".
